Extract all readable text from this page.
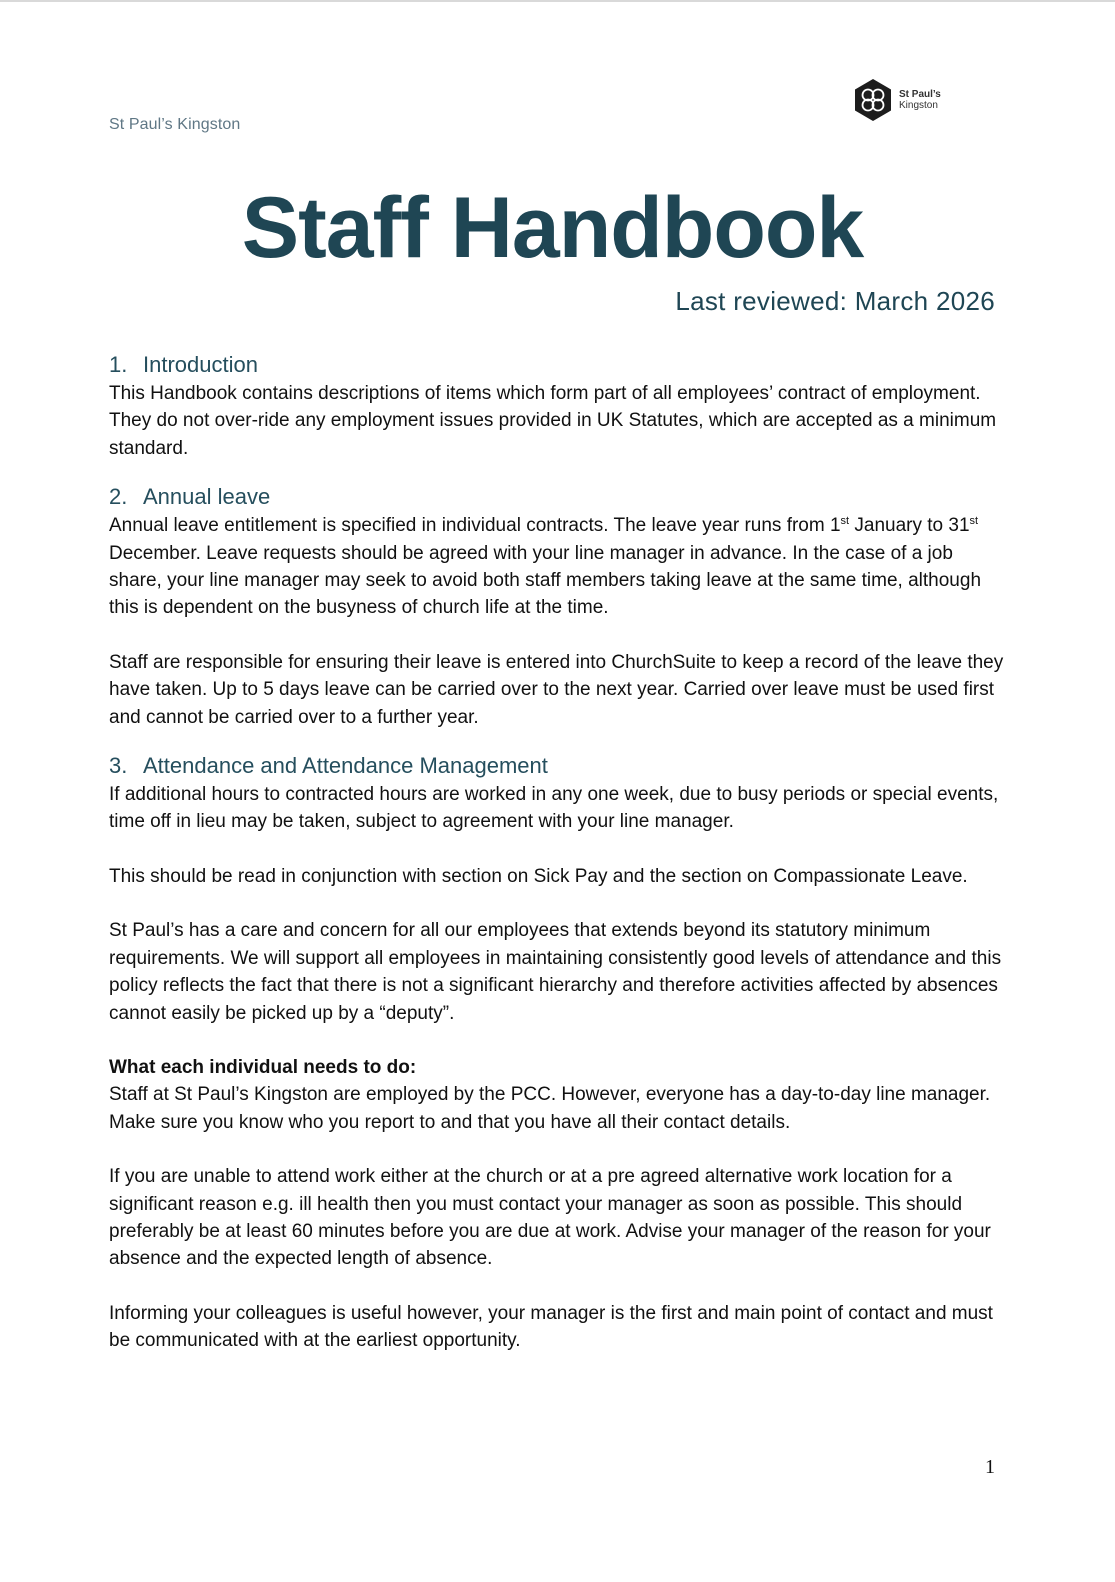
St Paul’s Kingston
St Paul’s
Kingston
Staff Handbook
Last reviewed: March 2026
1. Introduction

This Handbook contains descriptions of items which form part of all employees’ contract of employment. They do not over-ride any employment issues provided in UK Statutes, which are accepted as a minimum standard.

2. Annual leave

Annual leave entitlement is specified in individual contracts. The leave year runs from 1st January to 31st December. Leave requests should be agreed with your line manager in advance. In the case of a job share, your line manager may seek to avoid both staff members taking leave at the same time, although this is dependent on the busyness of church life at the time.

Staff are responsible for ensuring their leave is entered into ChurchSuite to keep a record of the leave they have taken. Up to 5 days leave can be carried over to the next year. Carried over leave must be used first and cannot be carried over to a further year.

3. Attendance and Attendance Management

If additional hours to contracted hours are worked in any one week, due to busy periods or special events, time off in lieu may be taken, subject to agreement with your line manager.

This should be read in conjunction with section on Sick Pay and the section on Compassionate Leave.

St Paul’s has a care and concern for all our employees that extends beyond its statutory minimum requirements. We will support all employees in maintaining consistently good levels of attendance and this policy reflects the fact that there is not a significant hierarchy and therefore activities affected by absences cannot easily be picked up by a “deputy”.

What each individual needs to do:

Staff at St Paul’s Kingston are employed by the PCC. However, everyone has a day-to-day line manager. Make sure you know who you report to and that you have all their contact details.

If you are unable to attend work either at the church or at a pre agreed alternative work location for a significant reason e.g. ill health then you must contact your manager as soon as possible. This should preferably be at least 60 minutes before you are due at work. Advise your manager of the reason for your absence and the expected length of absence.

Informing your colleagues is useful however, your manager is the first and main point of contact and must be communicated with at the earliest opportunity.

1
